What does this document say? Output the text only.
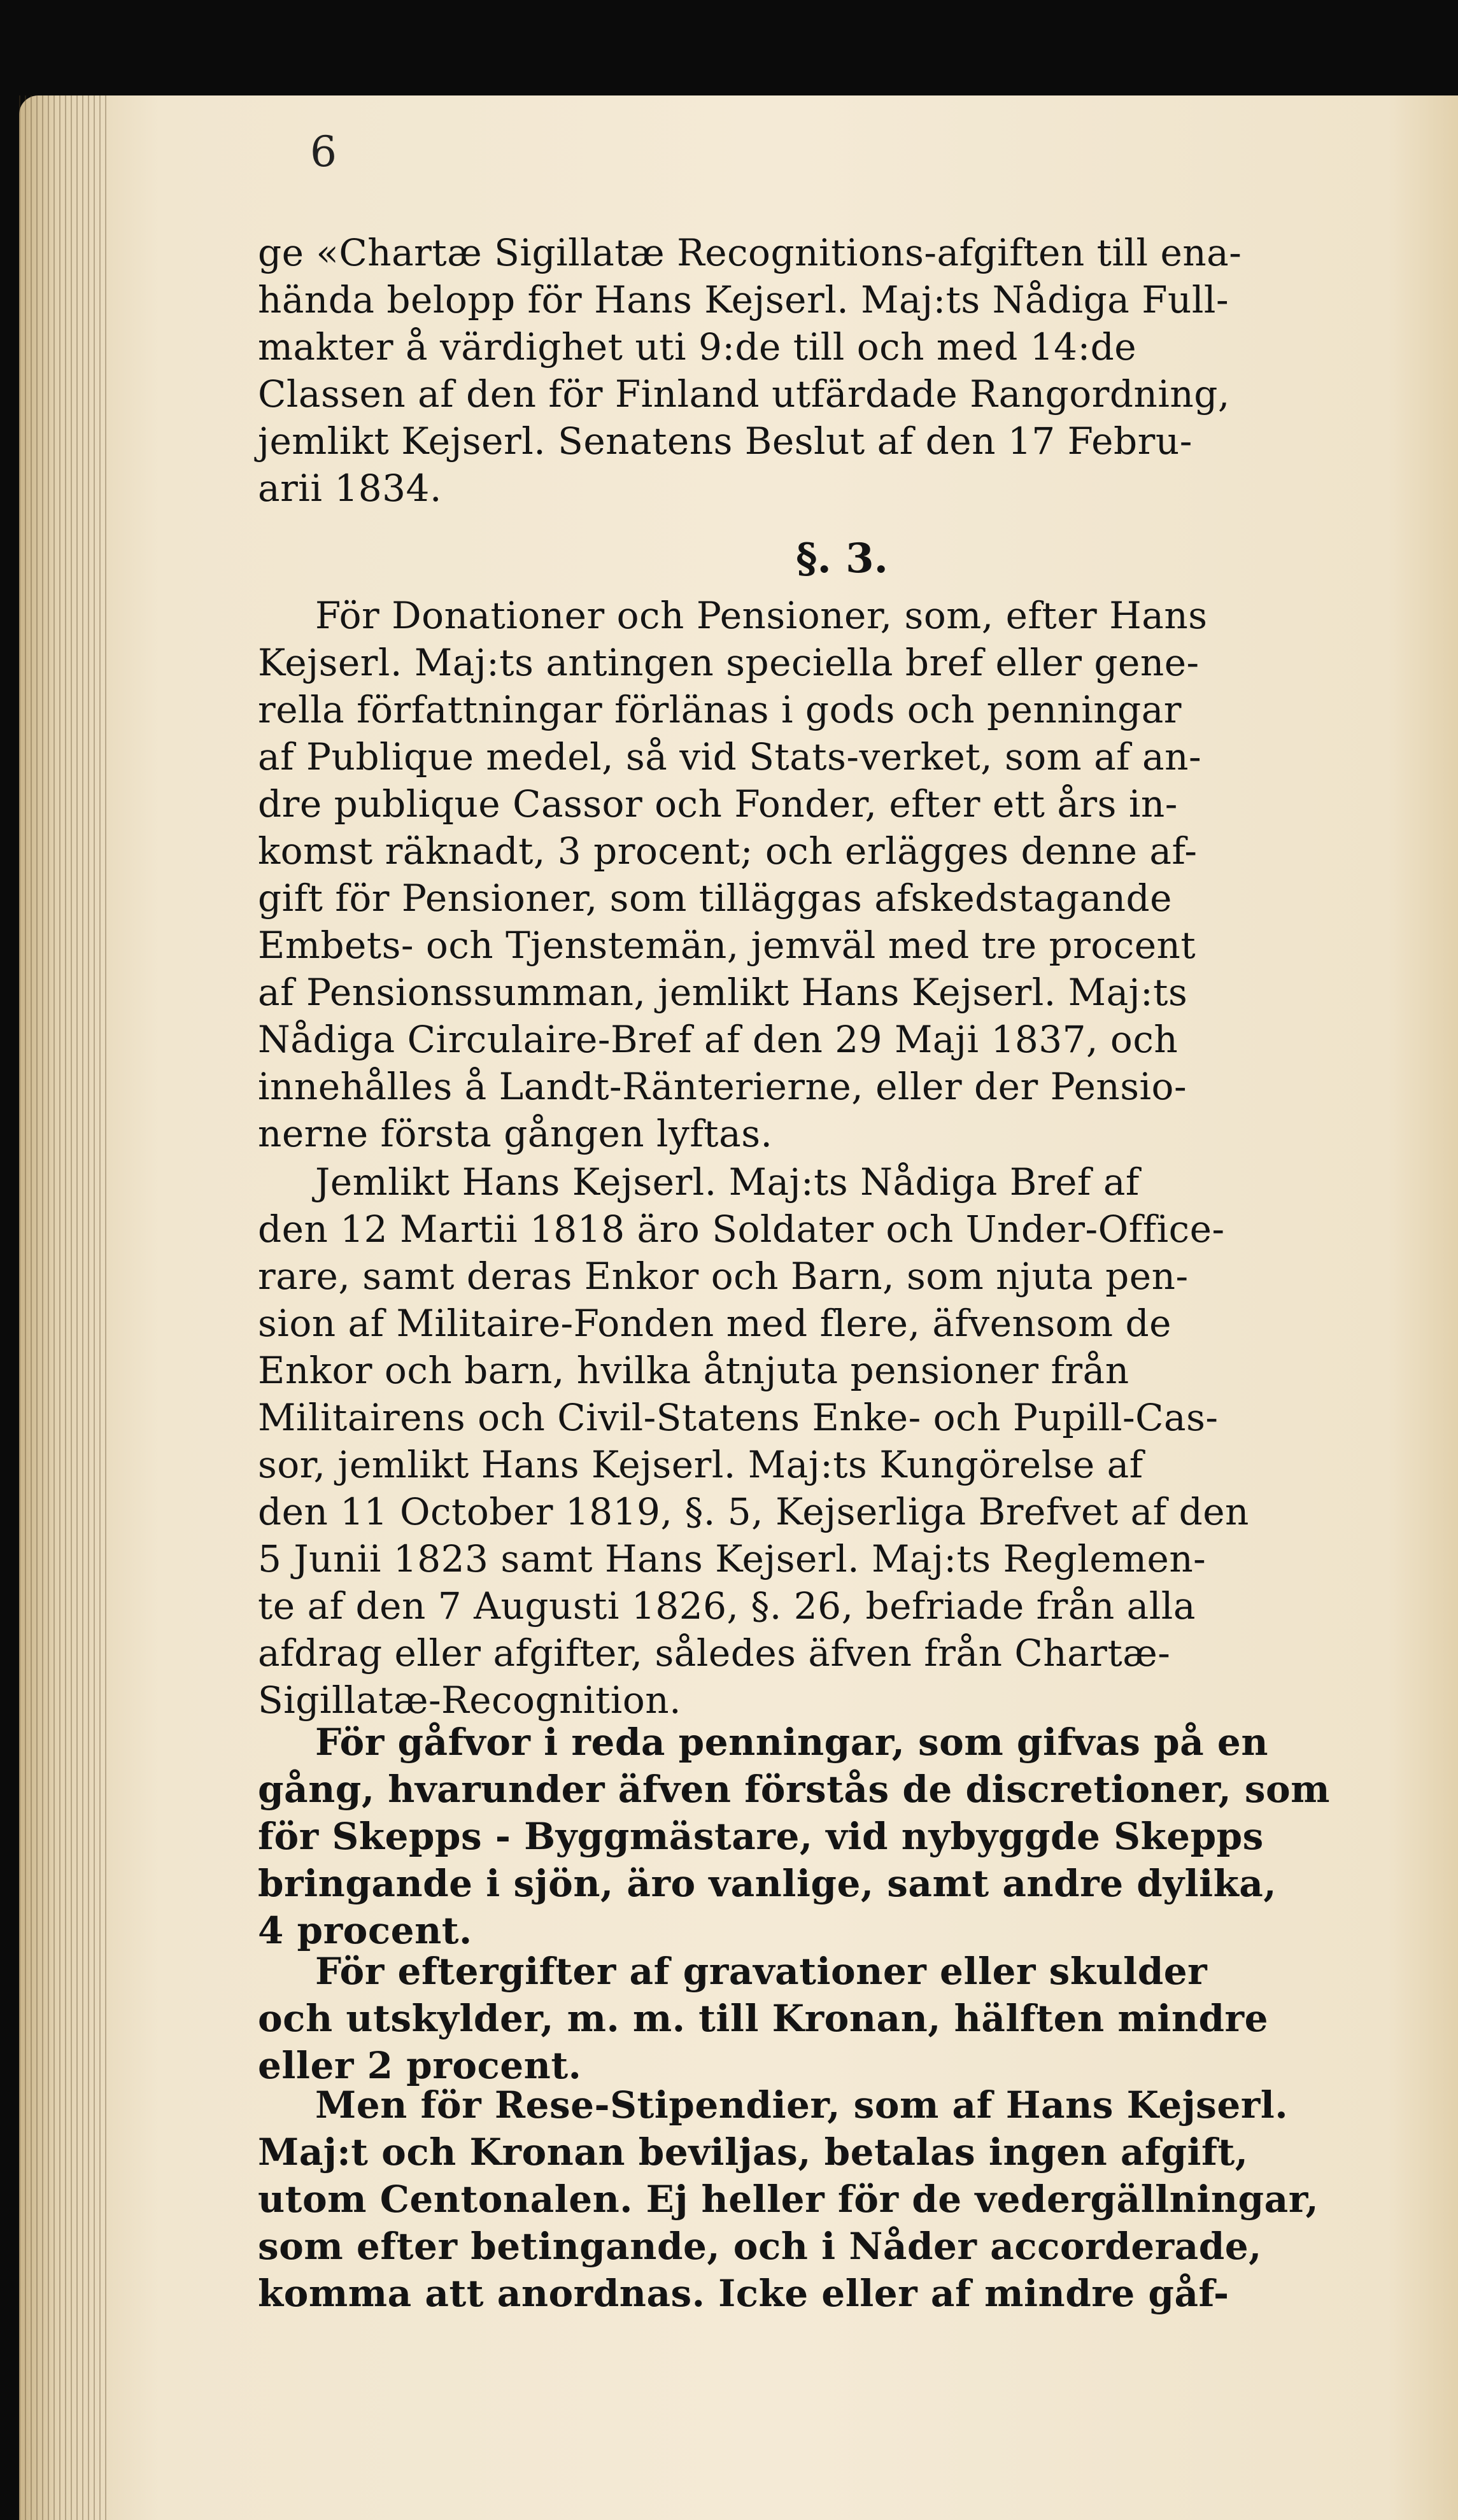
6
ge «Chartæ Sigillatæ Recognitions-afgiften till ena-
hända belopp för Hans Kejserl. Maj:ts Nådiga Full-
makter å värdighet uti 9:de till och med 14:de
Classen af den för Finland utfärdade Rangordning,
jemlikt Kejserl. Senatens Beslut af den 17 Febru-
arii 1834.
§. 3.
För Donationer och Pensioner, som, efter Hans
Kejserl. Maj:ts antingen speciella bref eller gene-
rella författningar förlänas i gods och penningar
af Publique medel, så vid Stats-verket, som af an-
dre publique Cassor och Fonder, efter ett års in-
komst räknadt, 3 procent; och erlägges denne af-
gift för Pensioner, som tilläggas afskedstagande
Embets- och Tjenstemän, jemväl med tre procent
af Pensionssumman, jemlikt Hans Kejserl. Maj:ts
Nådiga Circulaire-Bref af den 29 Maji 1837, och
innehålles å Landt-Ränterierne, eller der Pensio-
nerne första gången lyftas.
Jemlikt Hans Kejserl. Maj:ts Nådiga Bref af
den 12 Martii 1818 äro Soldater och Under-Office-
rare, samt deras Enkor och Barn, som njuta pen-
sion af Militaire-Fonden med flere, äfvensom de
Enkor och barn, hvilka åtnjuta pensioner från
Militairens och Civil-Statens Enke- och Pupill-Cas-
sor, jemlikt Hans Kejserl. Maj:ts Kungörelse af
den 11 October 1819, §. 5, Kejserliga Brefvet af den
5 Junii 1823 samt Hans Kejserl. Maj:ts Reglemen-
te af den 7 Augusti 1826, §. 26, befriade från alla
afdrag eller afgifter, således äfven från Chartæ-
Sigillatæ-Recognition.
För gåfvor i reda penningar, som gifvas på en
gång, hvarunder äfven förstås de discretioner, som
för Skepps - Byggmästare, vid nybyggde Skepps
bringande i sjön, äro vanlige, samt andre dylika,
4 procent.
För eftergifter af gravationer eller skulder
och utskylder, m. m. till Kronan, hälften mindre
eller 2 procent.
Men för Rese-Stipendier, som af Hans Kejserl.
Maj:t och Kronan beviljas, betalas ingen afgift,
utom Centonalen. Ej heller för de vedergällningar,
som efter betingande, och i Nåder accorderade,
komma att anordnas. Icke eller af mindre gåf-
